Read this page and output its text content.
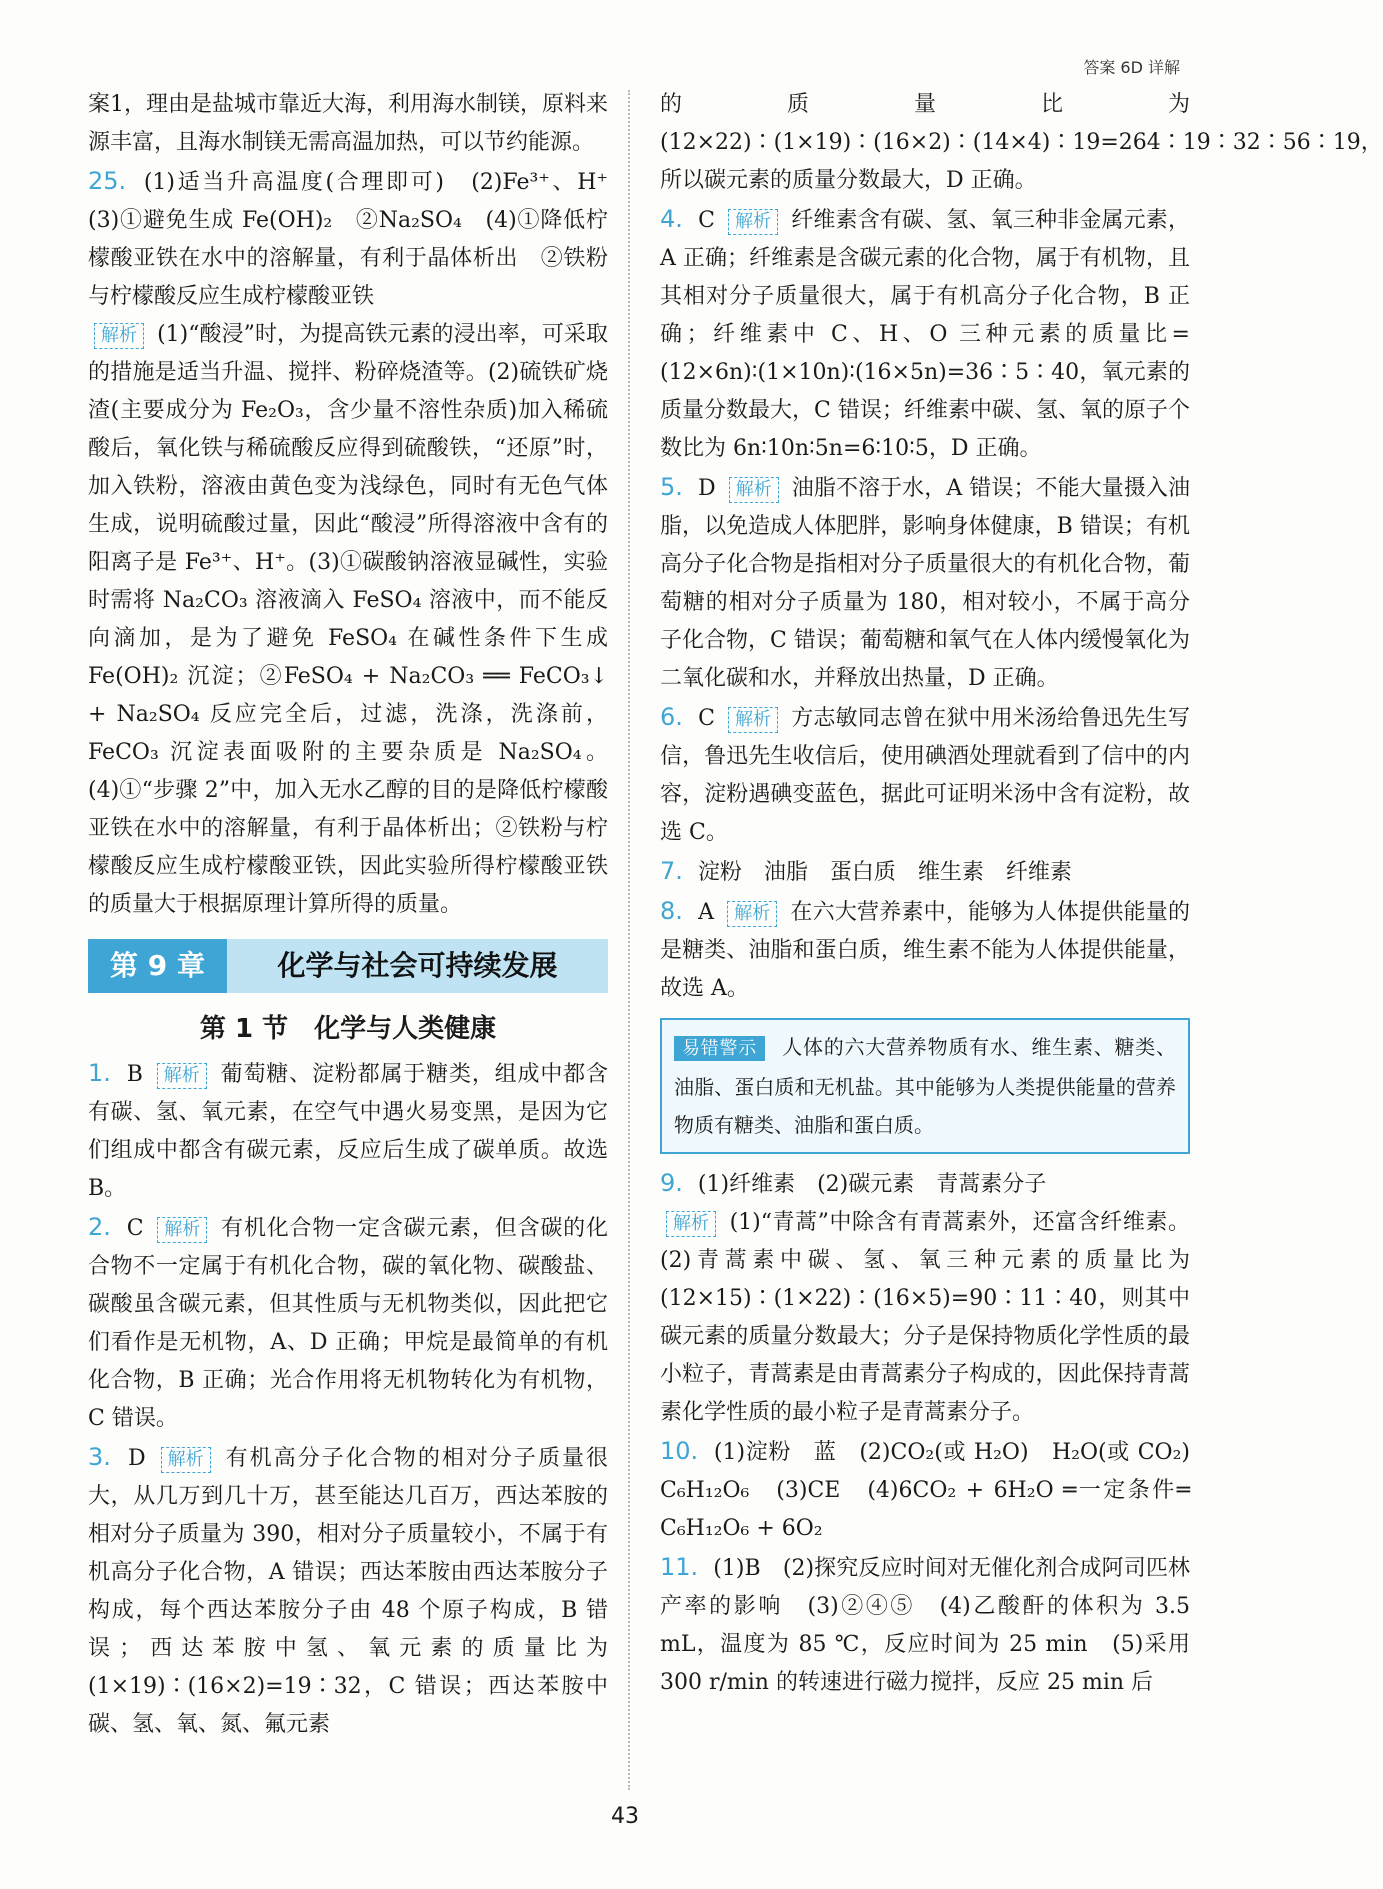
答案 6D 详解

案1，理由是盐城市靠近大海，利用海水制镁，原料来源丰富，且海水制镁无需高温加热，可以节约能源。

25. (1)适当升高温度(合理即可)　(2)Fe³⁺、H⁺　(3)①避免生成 Fe(OH)₂　②Na₂SO₄　(4)①降低柠檬酸亚铁在水中的溶解量，有利于晶体析出　②铁粉与柠檬酸反应生成柠檬酸亚铁

解析 (1)“酸浸”时，为提高铁元素的浸出率，可采取的措施是适当升温、搅拌、粉碎烧渣等。(2)硫铁矿烧渣(主要成分为 Fe₂O₃，含少量不溶性杂质)加入稀硫酸后，氧化铁与稀硫酸反应得到硫酸铁，“还原”时，加入铁粉，溶液由黄色变为浅绿色，同时有无色气体生成，说明硫酸过量，因此“酸浸”所得溶液中含有的阳离子是 Fe³⁺、H⁺。(3)①碳酸钠溶液显碱性，实验时需将 Na₂CO₃ 溶液滴入 FeSO₄ 溶液中，而不能反向滴加，是为了避免 FeSO₄ 在碱性条件下生成 Fe(OH)₂ 沉淀；②FeSO₄ + Na₂CO₃ ══ FeCO₃↓ + Na₂SO₄ 反应完全后，过滤，洗涤，洗涤前，FeCO₃ 沉淀表面吸附的主要杂质是 Na₂SO₄。(4)①“步骤 2”中，加入无水乙醇的目的是降低柠檬酸亚铁在水中的溶解量，有利于晶体析出；②铁粉与柠檬酸反应生成柠檬酸亚铁，因此实验所得柠檬酸亚铁的质量大于根据原理计算所得的质量。

第 9 章	化学与社会可持续发展
第 1 节　化学与人类健康

1. B 解析 葡萄糖、淀粉都属于糖类，组成中都含有碳、氢、氧元素，在空气中遇火易变黑，是因为它们组成中都含有碳元素，反应后生成了碳单质。故选 B。

2. C 解析 有机化合物一定含碳元素，但含碳的化合物不一定属于有机化合物，碳的氧化物、碳酸盐、碳酸虽含碳元素，但其性质与无机物类似，因此把它们看作是无机物，A、D 正确；甲烷是最简单的有机化合物，B 正确；光合作用将无机物转化为有机物，C 错误。

3. D 解析 有机高分子化合物的相对分子质量很大，从几万到几十万，甚至能达几百万，西达苯胺的相对分子质量为 390，相对分子质量较小，不属于有机高分子化合物，A 错误；西达苯胺由西达苯胺分子构成，每个西达苯胺分子由 48 个原子构成，B 错误；西达苯胺中氢、氧元素的质量比为(1×19)∶(16×2)=19∶32，C 错误；西达苯胺中碳、氢、氧、氮、氟元素

的质量比为(12×22)∶(1×19)∶(16×2)∶(14×4)∶19=264∶19∶32∶56∶19，所以碳元素的质量分数最大，D 正确。

4. C 解析 纤维素含有碳、氢、氧三种非金属元素，A 正确；纤维素是含碳元素的化合物，属于有机物，且其相对分子质量很大，属于有机高分子化合物，B 正确；纤维素中 C、H、O 三种元素的质量比=(12×6n)∶(1×10n)∶(16×5n)=36∶5∶40，氧元素的质量分数最大，C 错误；纤维素中碳、氢、氧的原子个数比为 6n∶10n∶5n=6∶10∶5，D 正确。

5. D 解析 油脂不溶于水，A 错误；不能大量摄入油脂，以免造成人体肥胖，影响身体健康，B 错误；有机高分子化合物是指相对分子质量很大的有机化合物，葡萄糖的相对分子质量为 180，相对较小，不属于高分子化合物，C 错误；葡萄糖和氧气在人体内缓慢氧化为二氧化碳和水，并释放出热量，D 正确。

6. C 解析 方志敏同志曾在狱中用米汤给鲁迅先生写信，鲁迅先生收信后，使用碘酒处理就看到了信中的内容，淀粉遇碘变蓝色，据此可证明米汤中含有淀粉，故选 C。

7. 淀粉　油脂　蛋白质　维生素　纤维素

8. A 解析 在六大营养素中，能够为人体提供能量的是糖类、油脂和蛋白质，维生素不能为人体提供能量，故选 A。

易错警示 人体的六大营养物质有水、维生素、糖类、油脂、蛋白质和无机盐。其中能够为人类提供能量的营养物质有糖类、油脂和蛋白质。

9. (1)纤维素　(2)碳元素　青蒿素分子

解析 (1)“青蒿”中除含有青蒿素外，还富含纤维素。(2)青蒿素中碳、氢、氧三种元素的质量比为(12×15)∶(1×22)∶(16×5)=90∶11∶40，则其中碳元素的质量分数最大；分子是保持物质化学性质的最小粒子，青蒿素是由青蒿素分子构成的，因此保持青蒿素化学性质的最小粒子是青蒿素分子。

10. (1)淀粉　蓝　(2)CO₂(或 H₂O)　H₂O(或 CO₂)　C₆H₁₂O₆　(3)CE　(4)6CO₂ + 6H₂O ═一定条件═ C₆H₁₂O₆ + 6O₂

11. (1)B　(2)探究反应时间对无催化剂合成阿司匹林产率的影响　(3)②④⑤　(4)乙酸酐的体积为 3.5 mL，温度为 85 ℃，反应时间为 25 min　(5)采用 300 r/min 的转速进行磁力搅拌，反应 25 min 后

43
